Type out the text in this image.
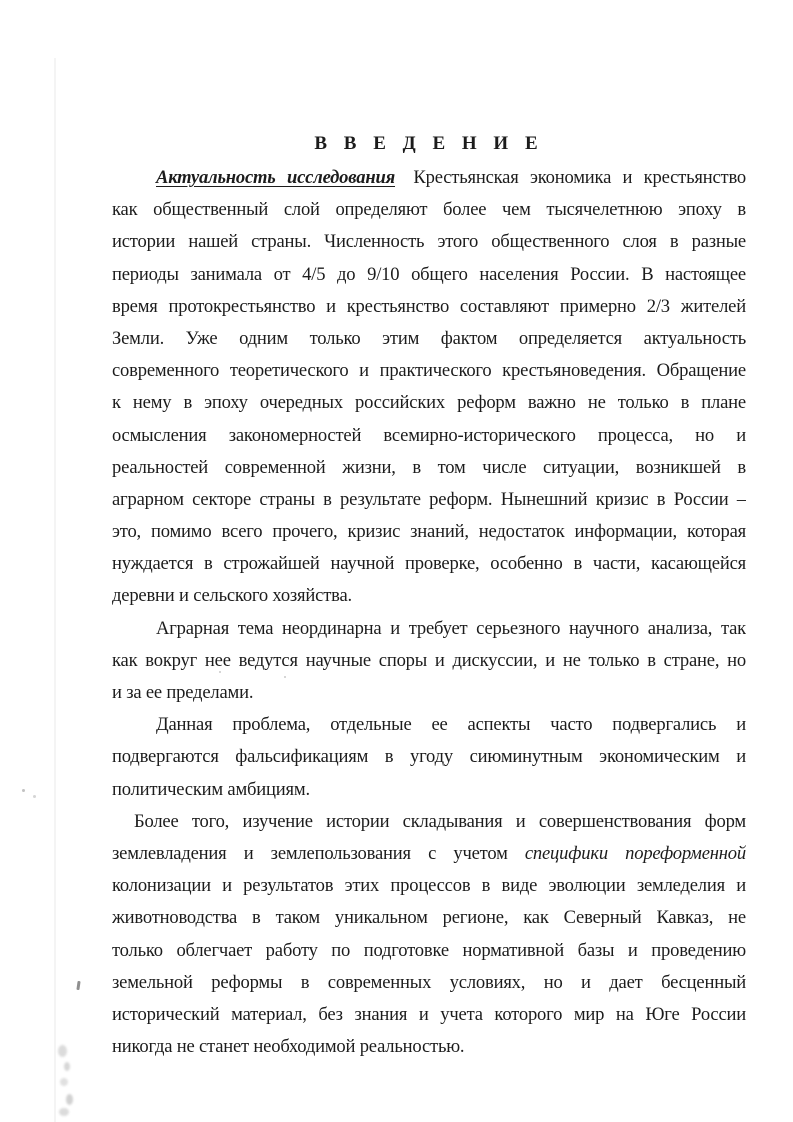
В В Е Д Е Н И Е
Актуальность исследования Крестьянская экономика и крестьянство
как общественный слой определяют более чем тысячелетнюю эпоху в
истории нашей страны. Численность этого общественного слоя в разные
периоды занимала от 4/5 до 9/10 общего населения России. В настоящее
время протокрестьянство и крестьянство составляют примерно 2/3 жителей
Земли. Уже одним только этим фактом определяется актуальность
современного теоретического и практического крестьяноведения. Обращение
к нему в эпоху очередных российских реформ важно не только в плане
осмысления закономерностей всемирно-исторического процесса, но и
реальностей современной жизни, в том числе ситуации, возникшей в
аграрном секторе страны в результате реформ. Нынешний кризис в России –
это, помимо всего прочего, кризис знаний, недостаток информации, которая
нуждается в строжайшей научной проверке, особенно в части, касающейся
деревни и сельского хозяйства.
Аграрная тема неординарна и требует серьезного научного анализа, так
как вокруг нее ведутся научные споры и дискуссии, и не только в стране, но
и за ее пределами.
Данная проблема, отдельные ее аспекты часто подвергались и
подвергаются фальсификациям в угоду сиюминутным экономическим и
политическим амбициям.
Более того, изучение истории складывания и совершенствования форм
землевладения и землепользования с учетом специфики пореформенной
колонизации и результатов этих процессов в виде эволюции земледелия и
животноводства в таком уникальном регионе, как Северный Кавказ, не
только облегчает работу по подготовке нормативной базы и проведению
земельной реформы в современных условиях, но и дает бесценный
исторический материал, без знания и учета которого мир на Юге России
никогда не станет необходимой реальностью.
